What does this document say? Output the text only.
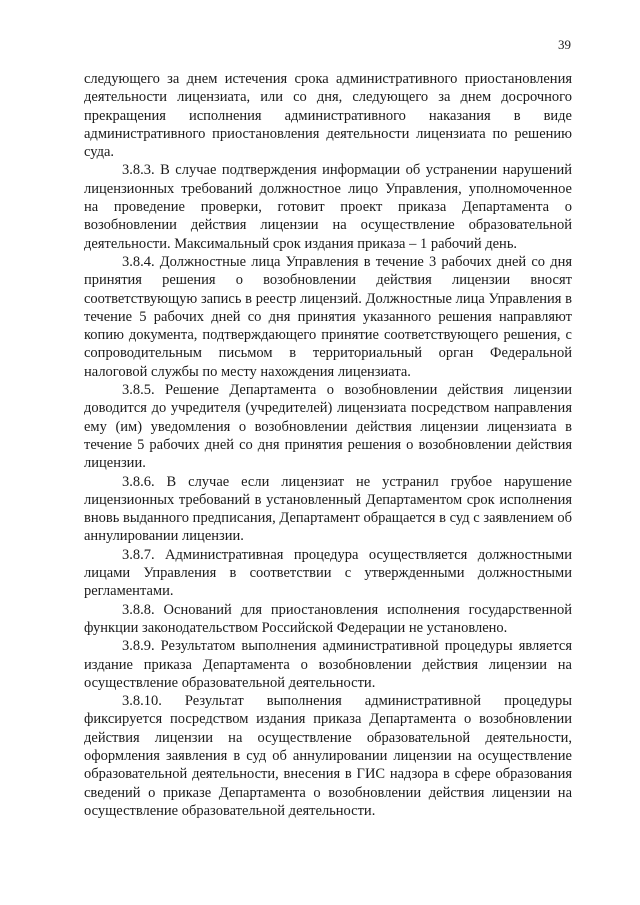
39

следующего за днем истечения срока административного приостановления деятельности лицензиата, или со дня, следующего за днем досрочного прекращения исполнения административного наказания в виде административного приостановления деятельности лицензиата по решению суда.

3.8.3. В случае подтверждения информации об устранении нарушений лицензионных требований должностное лицо Управления, уполномоченное на проведение проверки, готовит проект приказа Департамента о возобновлении действия лицензии на осуществление образовательной деятельности. Максимальный срок издания приказа – 1 рабочий день.

3.8.4. Должностные лица Управления в течение 3 рабочих дней со дня принятия решения о возобновлении действия лицензии вносят соответствующую запись в реестр лицензий. Должностные лица Управления в течение 5 рабочих дней со дня принятия указанного решения направляют копию документа, подтверждающего принятие соответствующего решения, с сопроводительным письмом в территориальный орган Федеральной налоговой службы по месту нахождения лицензиата.

3.8.5. Решение Департамента о возобновлении действия лицензии доводится до учредителя (учредителей) лицензиата посредством направления ему (им) уведомления о возобновлении действия лицензии лицензиата в течение 5 рабочих дней со дня принятия решения о возобновлении действия лицензии.

3.8.6. В случае если лицензиат не устранил грубое нарушение лицензионных требований в установленный Департаментом срок исполнения вновь выданного предписания, Департамент обращается в суд с заявлением об аннулировании лицензии.

3.8.7. Административная процедура осуществляется должностными лицами Управления в соответствии с утвержденными должностными регламентами.

3.8.8. Оснований для приостановления исполнения государственной функции законодательством Российской Федерации не установлено.

3.8.9. Результатом выполнения административной процедуры является издание приказа Департамента о возобновлении действия лицензии на осуществление образовательной деятельности.

3.8.10. Результат выполнения административной процедуры фиксируется посредством издания приказа Департамента о возобновлении действия лицензии на осуществление образовательной деятельности, оформления заявления в суд об аннулировании лицензии на осуществление образовательной деятельности, внесения в ГИС надзора в сфере образования сведений о приказе Департамента о возобновлении действия лицензии на осуществление образовательной деятельности.
